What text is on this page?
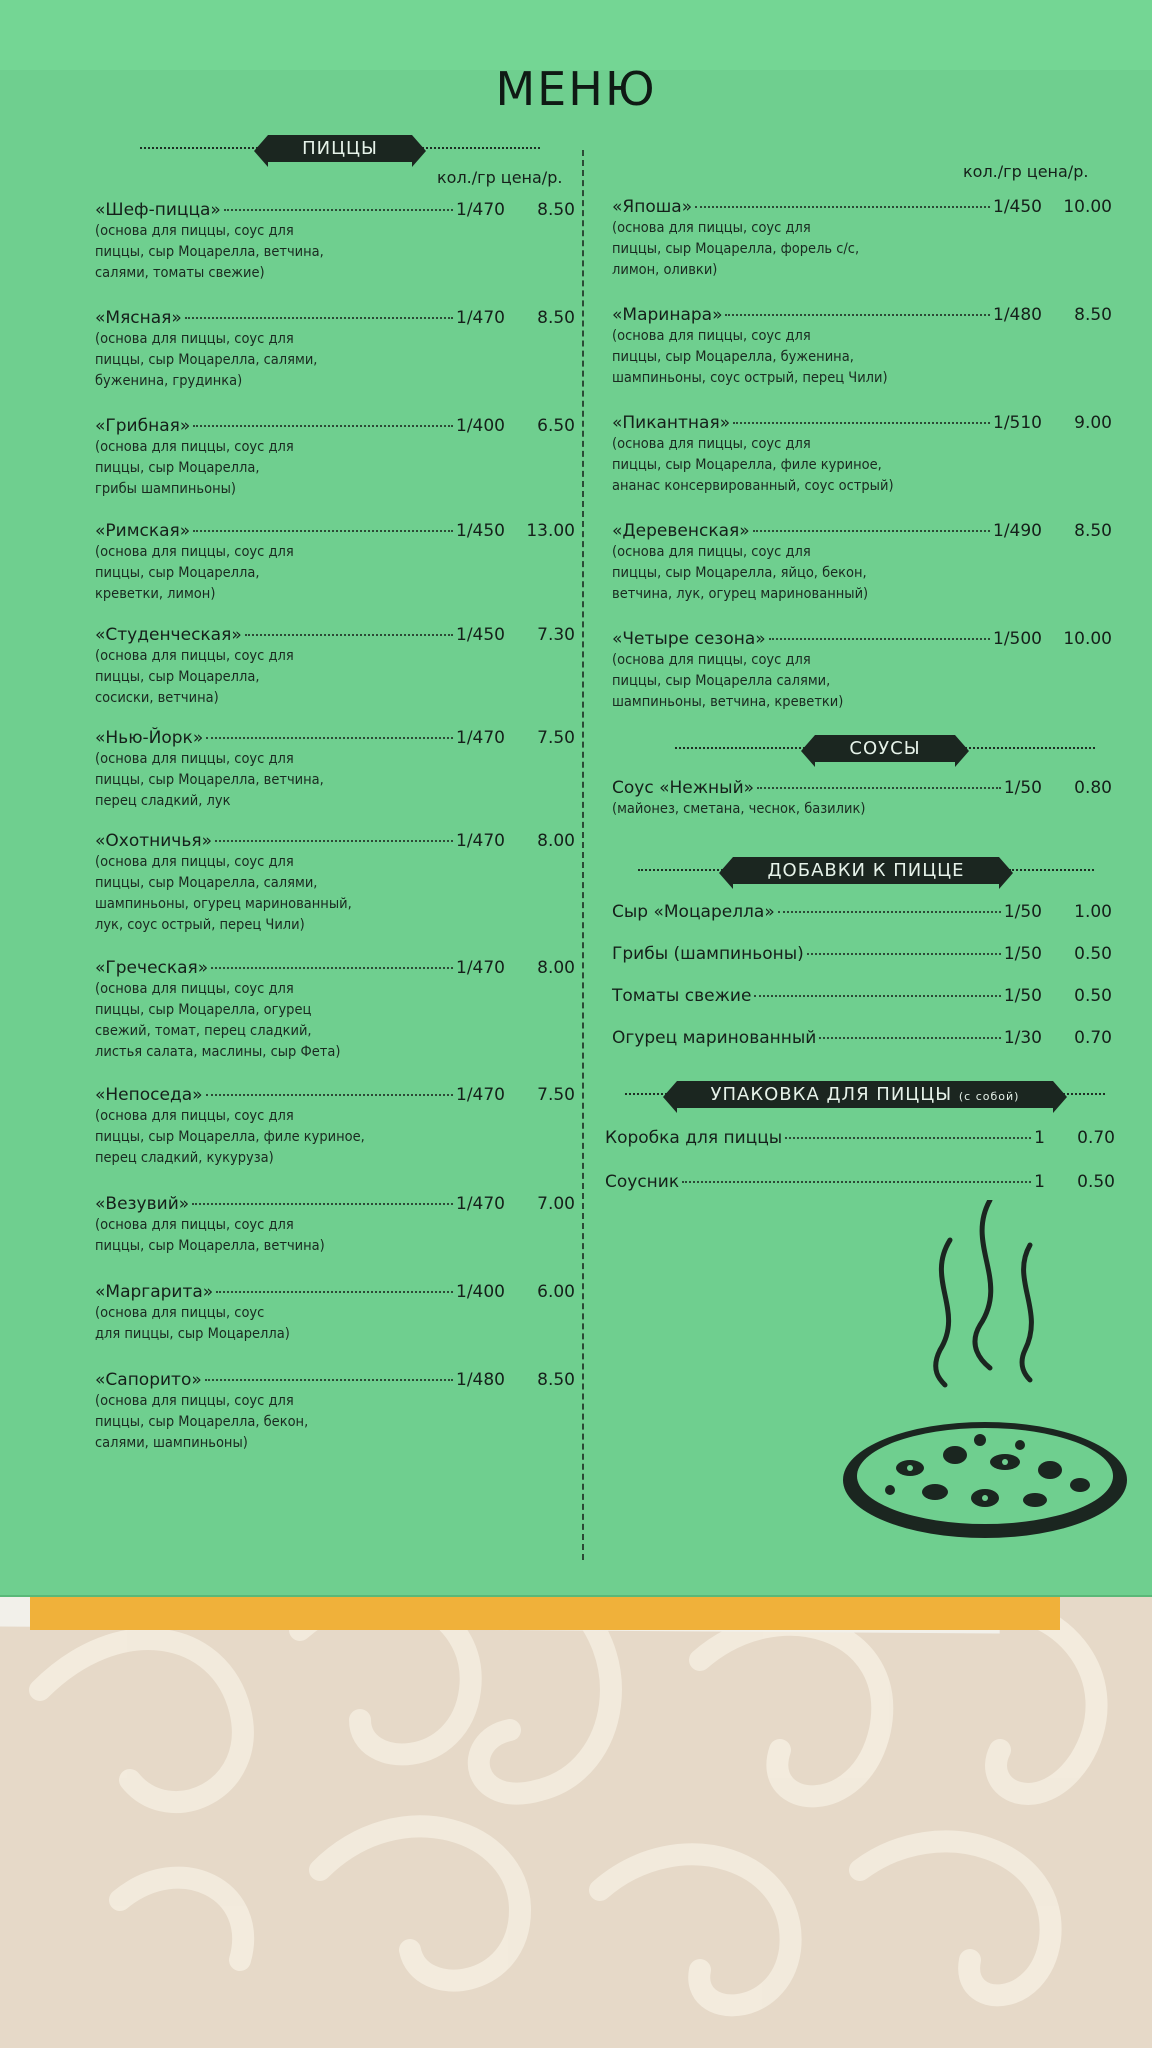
МЕНЮ
ПИЦЦЫ
кол./гр цена/р.	кол./гр цена/р.
«Шеф-пицца»	1/470	8.50
(основа для пиццы, соус для
пиццы, сыр Моцарелла, ветчина,
салями, томаты свежие)
«Мясная»	1/470	8.50
(основа для пиццы, соус для
пиццы, сыр Моцарелла, салями,
буженина, грудинка)
«Грибная»	1/400	6.50
(основа для пиццы, соус для
пиццы, сыр Моцарелла,
грибы шампиньоны)
«Римская»	1/450	13.00
(основа для пиццы, соус для
пиццы, сыр Моцарелла,
креветки, лимон)
«Студенческая»	1/450	7.30
(основа для пиццы, соус для
пиццы, сыр Моцарелла,
сосиски, ветчина)
«Нью-Йорк»	1/470	7.50
(основа для пиццы, соус для
пиццы, сыр Моцарелла, ветчина,
перец сладкий, лук
«Охотничья»	1/470	8.00
(основа для пиццы, соус для
пиццы, сыр Моцарелла, салями,
шампиньоны, огурец маринованный,
лук, соус острый, перец Чили)
«Греческая»	1/470	8.00
(основа для пиццы, соус для
пиццы, сыр Моцарелла, огурец
свежий, томат, перец сладкий,
листья салата, маслины, сыр Фета)
«Непоседа»	1/470	7.50
(основа для пиццы, соус для
пиццы, сыр Моцарелла, филе куриное,
перец сладкий, кукуруза)
«Везувий»	1/470	7.00
(основа для пиццы, соус для
пиццы, сыр Моцарелла, ветчина)
«Маргарита»	1/400	6.00
(основа для пиццы, соус
для пиццы, сыр Моцарелла)
«Сапорито»	1/480	8.50
(основа для пиццы, соус для
пиццы, сыр Моцарелла, бекон,
салями, шампиньоны)
«Япоша»	1/450	10.00
(основа для пиццы, соус для
пиццы, сыр Моцарелла, форель с/с,
лимон, оливки)
«Маринара»	1/480	8.50
(основа для пиццы, соус для
пиццы, сыр Моцарелла, буженина,
шампиньоны, соус острый, перец Чили)
«Пикантная»	1/510	9.00
(основа для пиццы, соус для
пиццы, сыр Моцарелла, филе куриное,
ананас консервированный, соус острый)
«Деревенская»	1/490	8.50
(основа для пиццы, соус для
пиццы, сыр Моцарелла, яйцо, бекон,
ветчина, лук, огурец маринованный)
«Четыре сезона»	1/500	10.00
(основа для пиццы, соус для
пиццы, сыр Моцарелла салями,
шампиньоны, ветчина, креветки)
СОУСЫ
Соус «Нежный»	1/50	0.80
(майонез, сметана, чеснок, базилик)
ДОБАВКИ К ПИЦЦЕ
Сыр «Моцарелла»	1/50	1.00
Грибы (шампиньоны)	1/50	0.50
Томаты свежие	1/50	0.50
Огурец маринованный	1/30	0.70
УПАКОВКА ДЛЯ ПИЦЦЫ (с собой)
Коробка для пиццы	1	0.70
Соусник	1	0.50
